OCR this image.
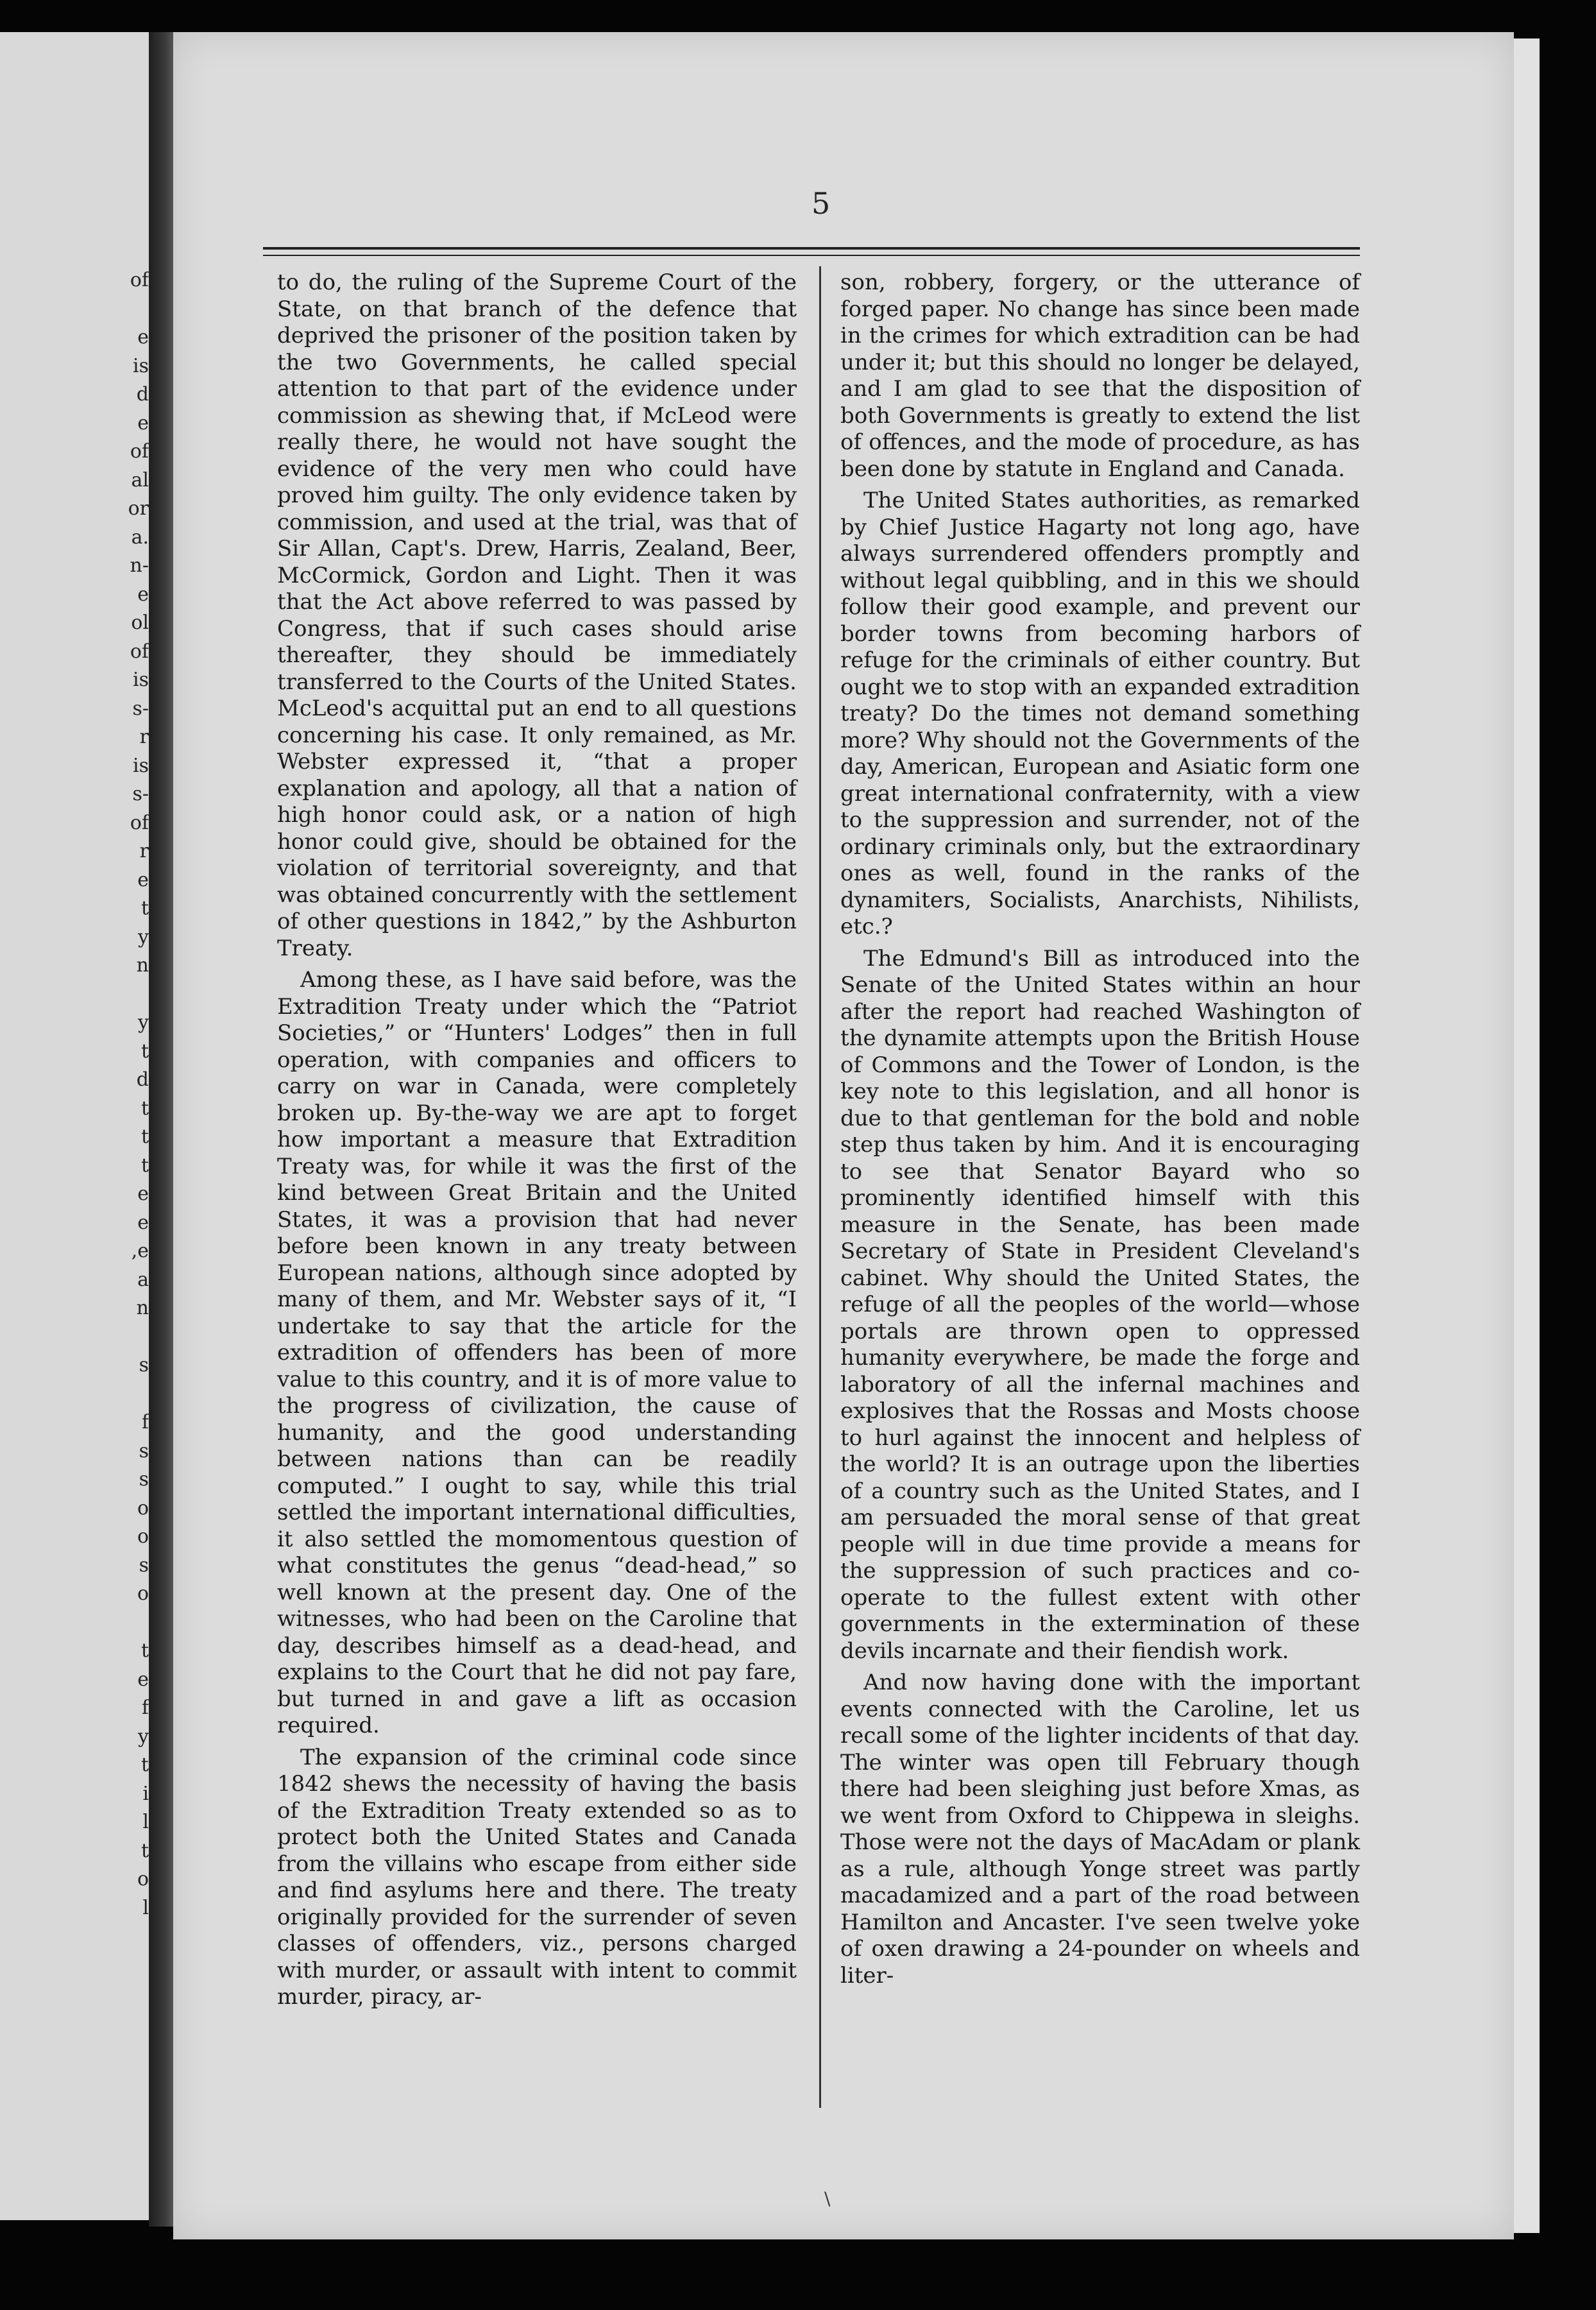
of

e
is
d
e
of
al
or
a.
n-
e
ol
of
is
s-
r
is
s-
of
r
e
t
y
n

y
t
d
t
t
t
e
e
,e
a
n

s

f
s
s
o
o
s
o

t
e
f
y
t
i
l
t
o
l
5

to do, the ruling of the Supreme Court of the State, on that branch of the defence that deprived the prisoner of the position taken by the two Governments, he called special attention to that part of the evidence under commission as shewing that, if McLeod were really there, he would not have sought the evidence of the very men who could have proved him guilty. The only evidence taken by commission, and used at the trial, was that of Sir Allan, Capt's. Drew, Harris, Zealand, Beer, McCormick, Gordon and Light. Then it was that the Act above referred to was passed by Congress, that if such cases should arise thereafter, they should be immediately transferred to the Courts of the United States. McLeod's acquittal put an end to all questions concerning his case. It only remained, as Mr. Webster expressed it, “that a proper explanation and apology, all that a nation of high honor could ask, or a nation of high honor could give, should be obtained for the violation of territorial sovereignty, and that was obtained concurrently with the settlement of other questions in 1842,” by the Ashburton Treaty.

Among these, as I have said before, was the Extradition Treaty under which the “Patriot Societies,” or “Hunters' Lodges” then in full operation, with companies and officers to carry on war in Canada, were completely broken up. By-the-way we are apt to forget how important a measure that Extradition Treaty was, for while it was the first of the kind between Great Britain and the United States, it was a provision that had never before been known in any treaty between European nations, although since adopted by many of them, and Mr. Webster says of it, “I undertake to say that the article for the extradition of offenders has been of more value to this country, and it is of more value to the progress of civilization, the cause of humanity, and the good understanding between nations than can be readily computed.” I ought to say, while this trial settled the important international difficulties, it also settled the momomentous question of what constitutes the genus “dead-head,” so well known at the present day. One of the witnesses, who had been on the Caroline that day, describes himself as a dead-head, and explains to the Court that he did not pay fare, but turned in and gave a lift as occasion required.

The expansion of the criminal code since 1842 shews the necessity of having the basis of the Extradition Treaty extended so as to protect both the United States and Canada from the villains who escape from either side and find asylums here and there. The treaty originally provided for the surrender of seven classes of offenders, viz., persons charged with murder, or assault with intent to commit murder, piracy, ar-

son, robbery, forgery, or the utterance of forged paper. No change has since been made in the crimes for which extradition can be had under it; but this should no longer be delayed, and I am glad to see that the disposition of both Governments is greatly to extend the list of offences, and the mode of procedure, as has been done by statute in England and Canada.

The United States authorities, as remarked by Chief Justice Hagarty not long ago, have always surrendered offenders promptly and without legal quibbling, and in this we should follow their good example, and prevent our border towns from becoming harbors of refuge for the criminals of either country. But ought we to stop with an expanded extradition treaty? Do the times not demand something more? Why should not the Governments of the day, American, European and Asiatic form one great international confraternity, with a view to the suppression and surrender, not of the ordinary criminals only, but the extraordinary ones as well, found in the ranks of the dynamiters, Socialists, Anarchists, Nihilists, etc.?

The Edmund's Bill as introduced into the Senate of the United States within an hour after the report had reached Washington of the dynamite attempts upon the British House of Commons and the Tower of London, is the key note to this legislation, and all honor is due to that gentleman for the bold and noble step thus taken by him. And it is encouraging to see that Senator Bayard who so prominently identified himself with this measure in the Senate, has been made Secretary of State in President Cleveland's cabinet. Why should the United States, the refuge of all the peoples of the world—whose portals are thrown open to oppressed humanity everywhere, be made the forge and laboratory of all the infernal machines and explosives that the Rossas and Mosts choose to hurl against the innocent and helpless of the world? It is an outrage upon the liberties of a country such as the United States, and I am persuaded the moral sense of that great people will in due time provide a means for the suppression of such practices and co-operate to the fullest extent with other governments in the extermination of these devils incarnate and their fiendish work.

And now having done with the important events connected with the Caroline, let us recall some of the lighter incidents of that day. The winter was open till February though there had been sleighing just before Xmas, as we went from Oxford to Chippewa in sleighs. Those were not the days of MacAdam or plank as a rule, although Yonge street was partly macadamized and a part of the road between Hamilton and Ancaster. I've seen twelve yoke of oxen drawing a 24-pounder on wheels and liter-

\
